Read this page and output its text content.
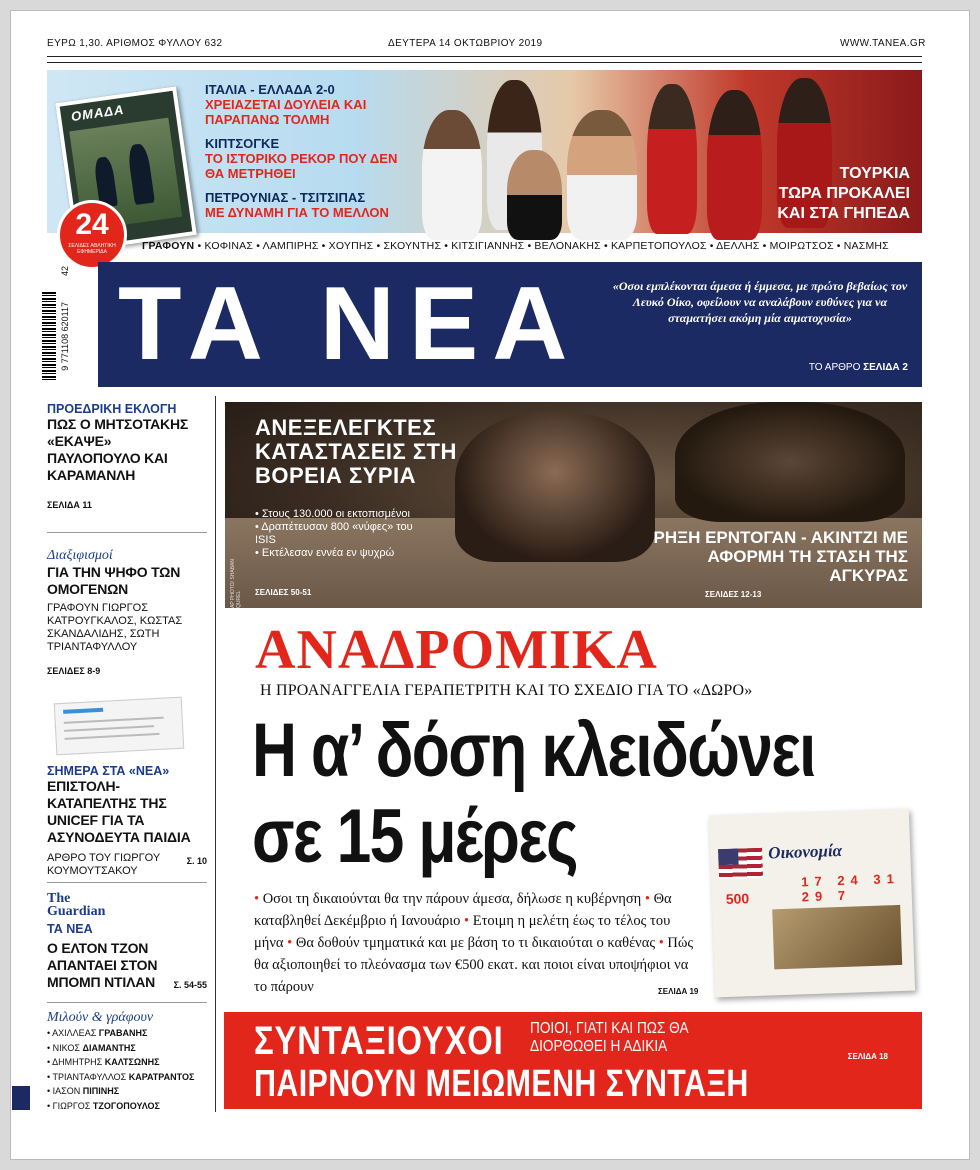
ΕΥΡΩ 1,30. ΑΡΙΘΜΟΣ ΦΥΛΛΟΥ 632	ΔΕΥΤΕΡΑ 14 ΟΚΤΩΒΡΙΟΥ 2019	WWW.TANEA.GR
ΟΜΑΔΑ
24
ΣΕΛΙΔΕΣ ΑΘΛΗΤΙΚΗ ΕΦΗΜΕΡΙΔΑ
ΙΤΑΛΙΑ - ΕΛΛΑΔΑ 2-0
ΧΡΕΙΑΖΕΤΑΙ ΔΟΥΛΕΙΑ ΚΑΙ ΠΑΡΑΠΑΝΩ ΤΟΛΜΗ
ΚΙΠΤΣΟΓΚΕ
ΤΟ ΙΣΤΟΡΙΚΟ ΡΕΚΟΡ ΠΟΥ ΔΕΝ ΘΑ ΜΕΤΡΗΘΕΙ
ΠΕΤΡΟΥΝΙΑΣ - ΤΣΙΤΣΙΠΑΣ
ΜΕ ΔΥΝΑΜΗ ΓΙΑ ΤΟ ΜΕΛΛΟΝ
ΤΟΥΡΚΙΑ
ΤΩΡΑ ΠΡΟΚΑΛΕΙ
ΚΑΙ ΣΤΑ ΓΗΠΕΔΑ
ΓΡΑΦΟΥΝ • ΚΟΦΙΝΑΣ • ΛΑΜΠΙΡΗΣ • ΧΟΥΠΗΣ • ΣΚΟΥΝΤΗΣ • ΚΙΤΣΙΓΙΑΝΝΗΣ • ΒΕΛΟΝΑΚΗΣ • ΚΑΡΠΕΤΟΠΟΥΛΟΣ • ΔΕΛΛΗΣ • ΜΟΙΡΩΤΣΟΣ • ΝΑΣΜΗΣ
42
9 771108 620117 ΤΑ ΝΕΑ	«Οσοι εμπλέκονται άμεσα ή έμμεσα, με πρώτο βεβαίως τον Λευκό Οίκο, οφείλουν να αναλάβουν ευθύνες για να σταματήσει ακόμη μία αιματοχυσία»
ΤΟ ΑΡΘΡΟ ΣΕΛΙΔΑ 2
ΠΡΟΕΔΡΙΚΗ ΕΚΛΟΓΗ
ΠΩΣ Ο ΜΗΤΣΟΤΑΚΗΣ «ΕΚΑΨΕ» ΠΑΥΛΟΠΟΥΛΟ ΚΑΙ ΚΑΡΑΜΑΝΛΗ
ΣΕΛΙΔΑ 11
Διαξιφισμοί
ΓΙΑ ΤΗΝ ΨΗΦΟ ΤΩΝ ΟΜΟΓΕΝΩΝ
ΓΡΑΦΟΥΝ ΓΙΩΡΓΟΣ ΚΑΤΡΟΥΓΚΑΛΟΣ, ΚΩΣΤΑΣ ΣΚΑΝΔΑΛΙΔΗΣ, ΣΩΤΗ ΤΡΙΑΝΤΑΦΥΛΛΟΥ
ΣΕΛΙΔΕΣ 8-9
ΣΗΜΕΡΑ ΣΤΑ «ΝΕΑ»
ΕΠΙΣΤΟΛΗ-ΚΑΤΑΠΕΛΤΗΣ ΤΗΣ UNICEF ΓΙΑ ΤΑ ΑΣΥΝΟΔΕΥΤΑ ΠΑΙΔΙΑ
ΑΡΘΡΟ ΤΟΥ ΓΙΩΡΓΟΥ ΚΟΥΜΟΥΤΣΑΚΟΥ
Σ. 10
The
Guardian
ΤΑ ΝΕΑ
Ο ΕΛΤΟΝ ΤΖΟΝ ΑΠΑΝΤΑΕΙ ΣΤΟΝ ΜΠΟΜΠ ΝΤΙΛΑΝ	Σ. 54-55
Μιλούν & γράφουν
• ΑΧΙΛΛΕΑΣ ΓΡΑΒΑΝΗΣ
• ΝΙΚΟΣ ΔΙΑΜΑΝΤΗΣ
• ΔΗΜΗΤΡΗΣ ΚΑΛΤΣΩΝΗΣ
• ΤΡΙΑΝΤΑΦΥΛΛΟΣ ΚΑΡΑΤΡΑΝΤΟΣ
• ΙΑΣΟΝ ΠΙΠΙΝΗΣ
• ΓΙΩΡΓΟΣ ΤΖΟΓΟΠΟΥΛΟΣ
AP PHOTO/ SHABAN QUREL
ΑΝΕΞΕΛΕΓΚΤΕΣ ΚΑΤΑΣΤΑΣΕΙΣ ΣΤΗ ΒΟΡΕΙΑ ΣΥΡΙΑ
• Στους 130.000 οι εκτοπισμένοι
• Δραπέτευσαν 800 «νύφες» του ISIS
• Εκτέλεσαν εννέα εν ψυχρώ
ΣΕΛΙΔΕΣ 50-51
ΡΗΞΗ ΕΡΝΤΟΓΑΝ - ΑΚΙΝΤΖΙ ΜΕ ΑΦΟΡΜΗ ΤΗ ΣΤΑΣΗ ΤΗΣ ΑΓΚΥΡΑΣ
ΣΕΛΙΔΕΣ 12-13
ΑΝΑΔΡΟΜΙΚΑ
Η ΠΡΟΑΝΑΓΓΕΛΙΑ ΓΕΡΑΠΕΤΡΙΤΗ ΚΑΙ ΤΟ ΣΧΕΔΙΟ ΓΙΑ ΤΟ «ΔΩΡΟ»
Η α’ δόση κλειδώνει
σε 15 μέρες
• Οσοι τη δικαιούνται θα την πάρουν άμεσα, δήλωσε η κυβέρνηση • Θα καταβληθεί Δεκέμβριο ή Ιανουάριο • Ετοιμη η μελέτη έως το τέλος του μήνα • Θα δοθούν τμηματικά και με βάση το τι δικαιούται ο καθένας • Πώς θα αξιοποιηθεί το πλεόνασμα των €500 εκατ. και ποιοι είναι υποψήφιοι να το πάρουν	ΣΕΛΙΔΑ 19
Οικονομία
17 24 31 29 7
500
ΣΥΝΤΑΞΙΟΥΧΟΙ ΠΟΙΟΙ, ΓΙΑΤΙ ΚΑΙ ΠΩΣ ΘΑ ΔΙΟΡΘΩΘΕΙ Η ΑΔΙΚΙΑ
ΣΕΛΙΔΑ 18
ΠΑΙΡΝΟΥΝ ΜΕΙΩΜΕΝΗ ΣΥΝΤΑΞΗ ΑΠΟ ΛΑΘΟΣ
